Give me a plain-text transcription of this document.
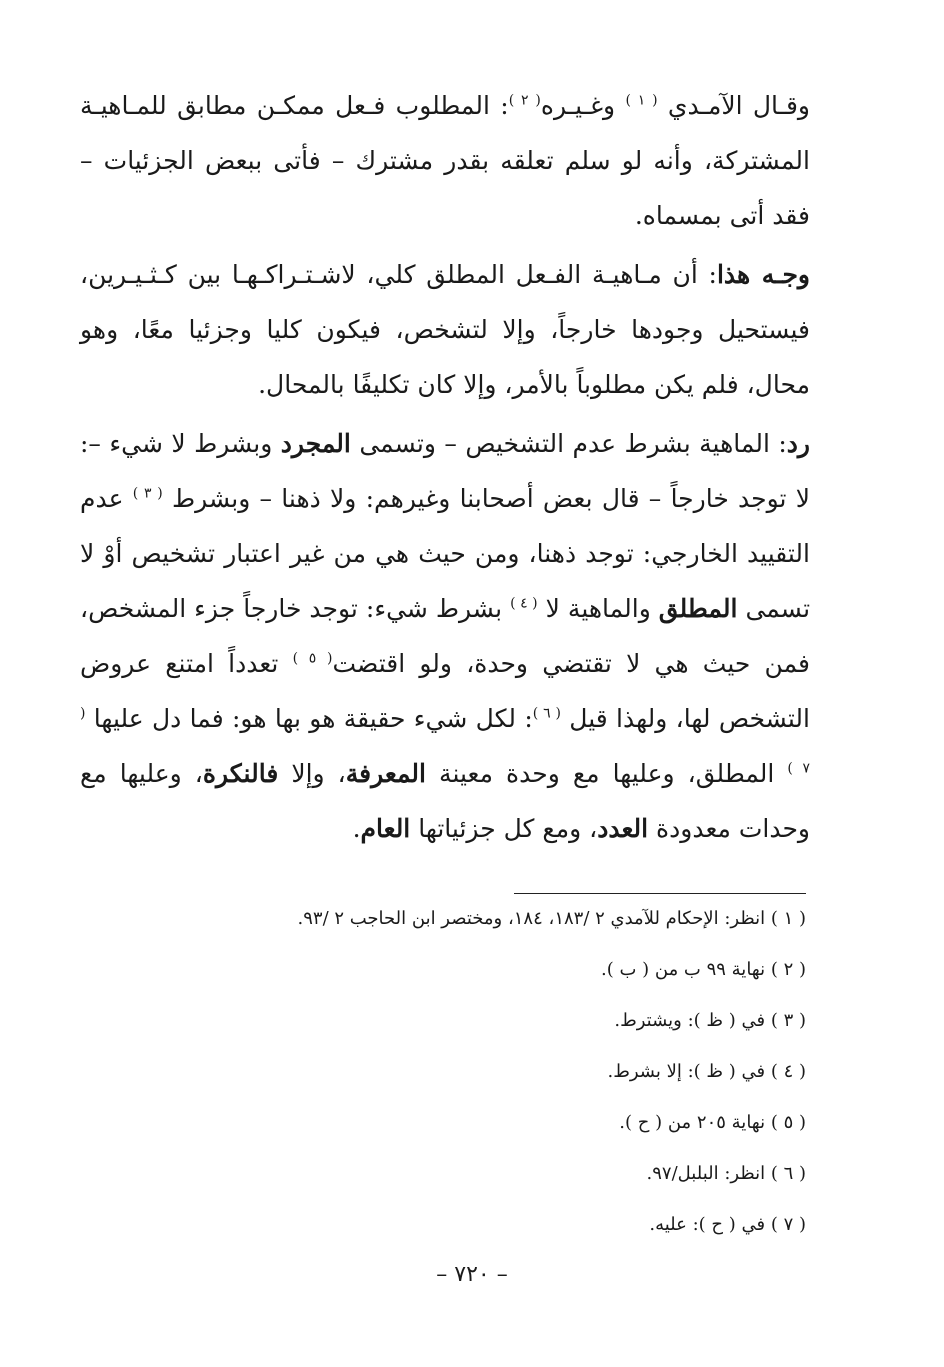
وقـال الآمـدي $^{( ١ )}$ وغـيـره$^{( ٢ )}$: المطلوب فـعل ممكـن مطابق للمـاهيـة المشتركة، وأنه لو سلم تعلقه بقدر مشترك – فأتى ببعض الجزئيات – فقد أتى بمسماه.

وجـه هذا: أن مـاهيـة الفـعل المطلق كلي، لاشـتـراكـهـا بين كـثـيـرين، فيستحيل وجودها خارجاً، وإلا لتشخص، فيكون كليا وجزئيا معًا، وهو محال، فلم يكن مطلوباً بالأمر، وإلا كان تكليفًا بالمحال.

رد: الماهية بشرط عدم التشخيص – وتسمى المجرد وبشرط لا شيء –: لا توجد خارجاً – قال بعض أصحابنا وغيرهم: ولا ذهنا – وبشرط $^{( ٣ )}$ عدم التقييد الخارجي: توجد ذهنا، ومن حيث هي من غير اعتبار تشخيص أوْ لا تسمى المطلق والماهية لا $^{( ٤ )}$ بشرط شيء: توجد خارجاً جزء المشخص، فمن حيث هي لا تقتضي وحدة، ولو اقتضت$^{( ٥ )}$ تعدداً امتنع عروض التشخص لها، ولهذا قيل $^{( ٦ )}$: لكل شيء حقيقة هو بها هو: فما دل عليها $^{( ٧ )}$ المطلق، وعليها مع وحدة معينة المعرفة، وإلا فالنكرة، وعليها مع وحدات معدودة العدد، ومع كل جزئياتها العام.

( ١ ) انظر: الإحكام للآمدي ٢ /١٨٣، ١٨٤، ومختصر ابن الحاجب ٢ /٩٣.
( ٢ ) نهاية ٩٩ ب من ( ب ).
( ٣ ) في ( ظ ): ويشترط.
( ٤ ) في ( ظ ): إلا بشرط.
( ٥ ) نهاية ٢٠٥ من ( ح ).
( ٦ ) انظر: البلبل/٩٧.
( ٧ ) في ( ح ): عليه.
– ٧٢٠ –
